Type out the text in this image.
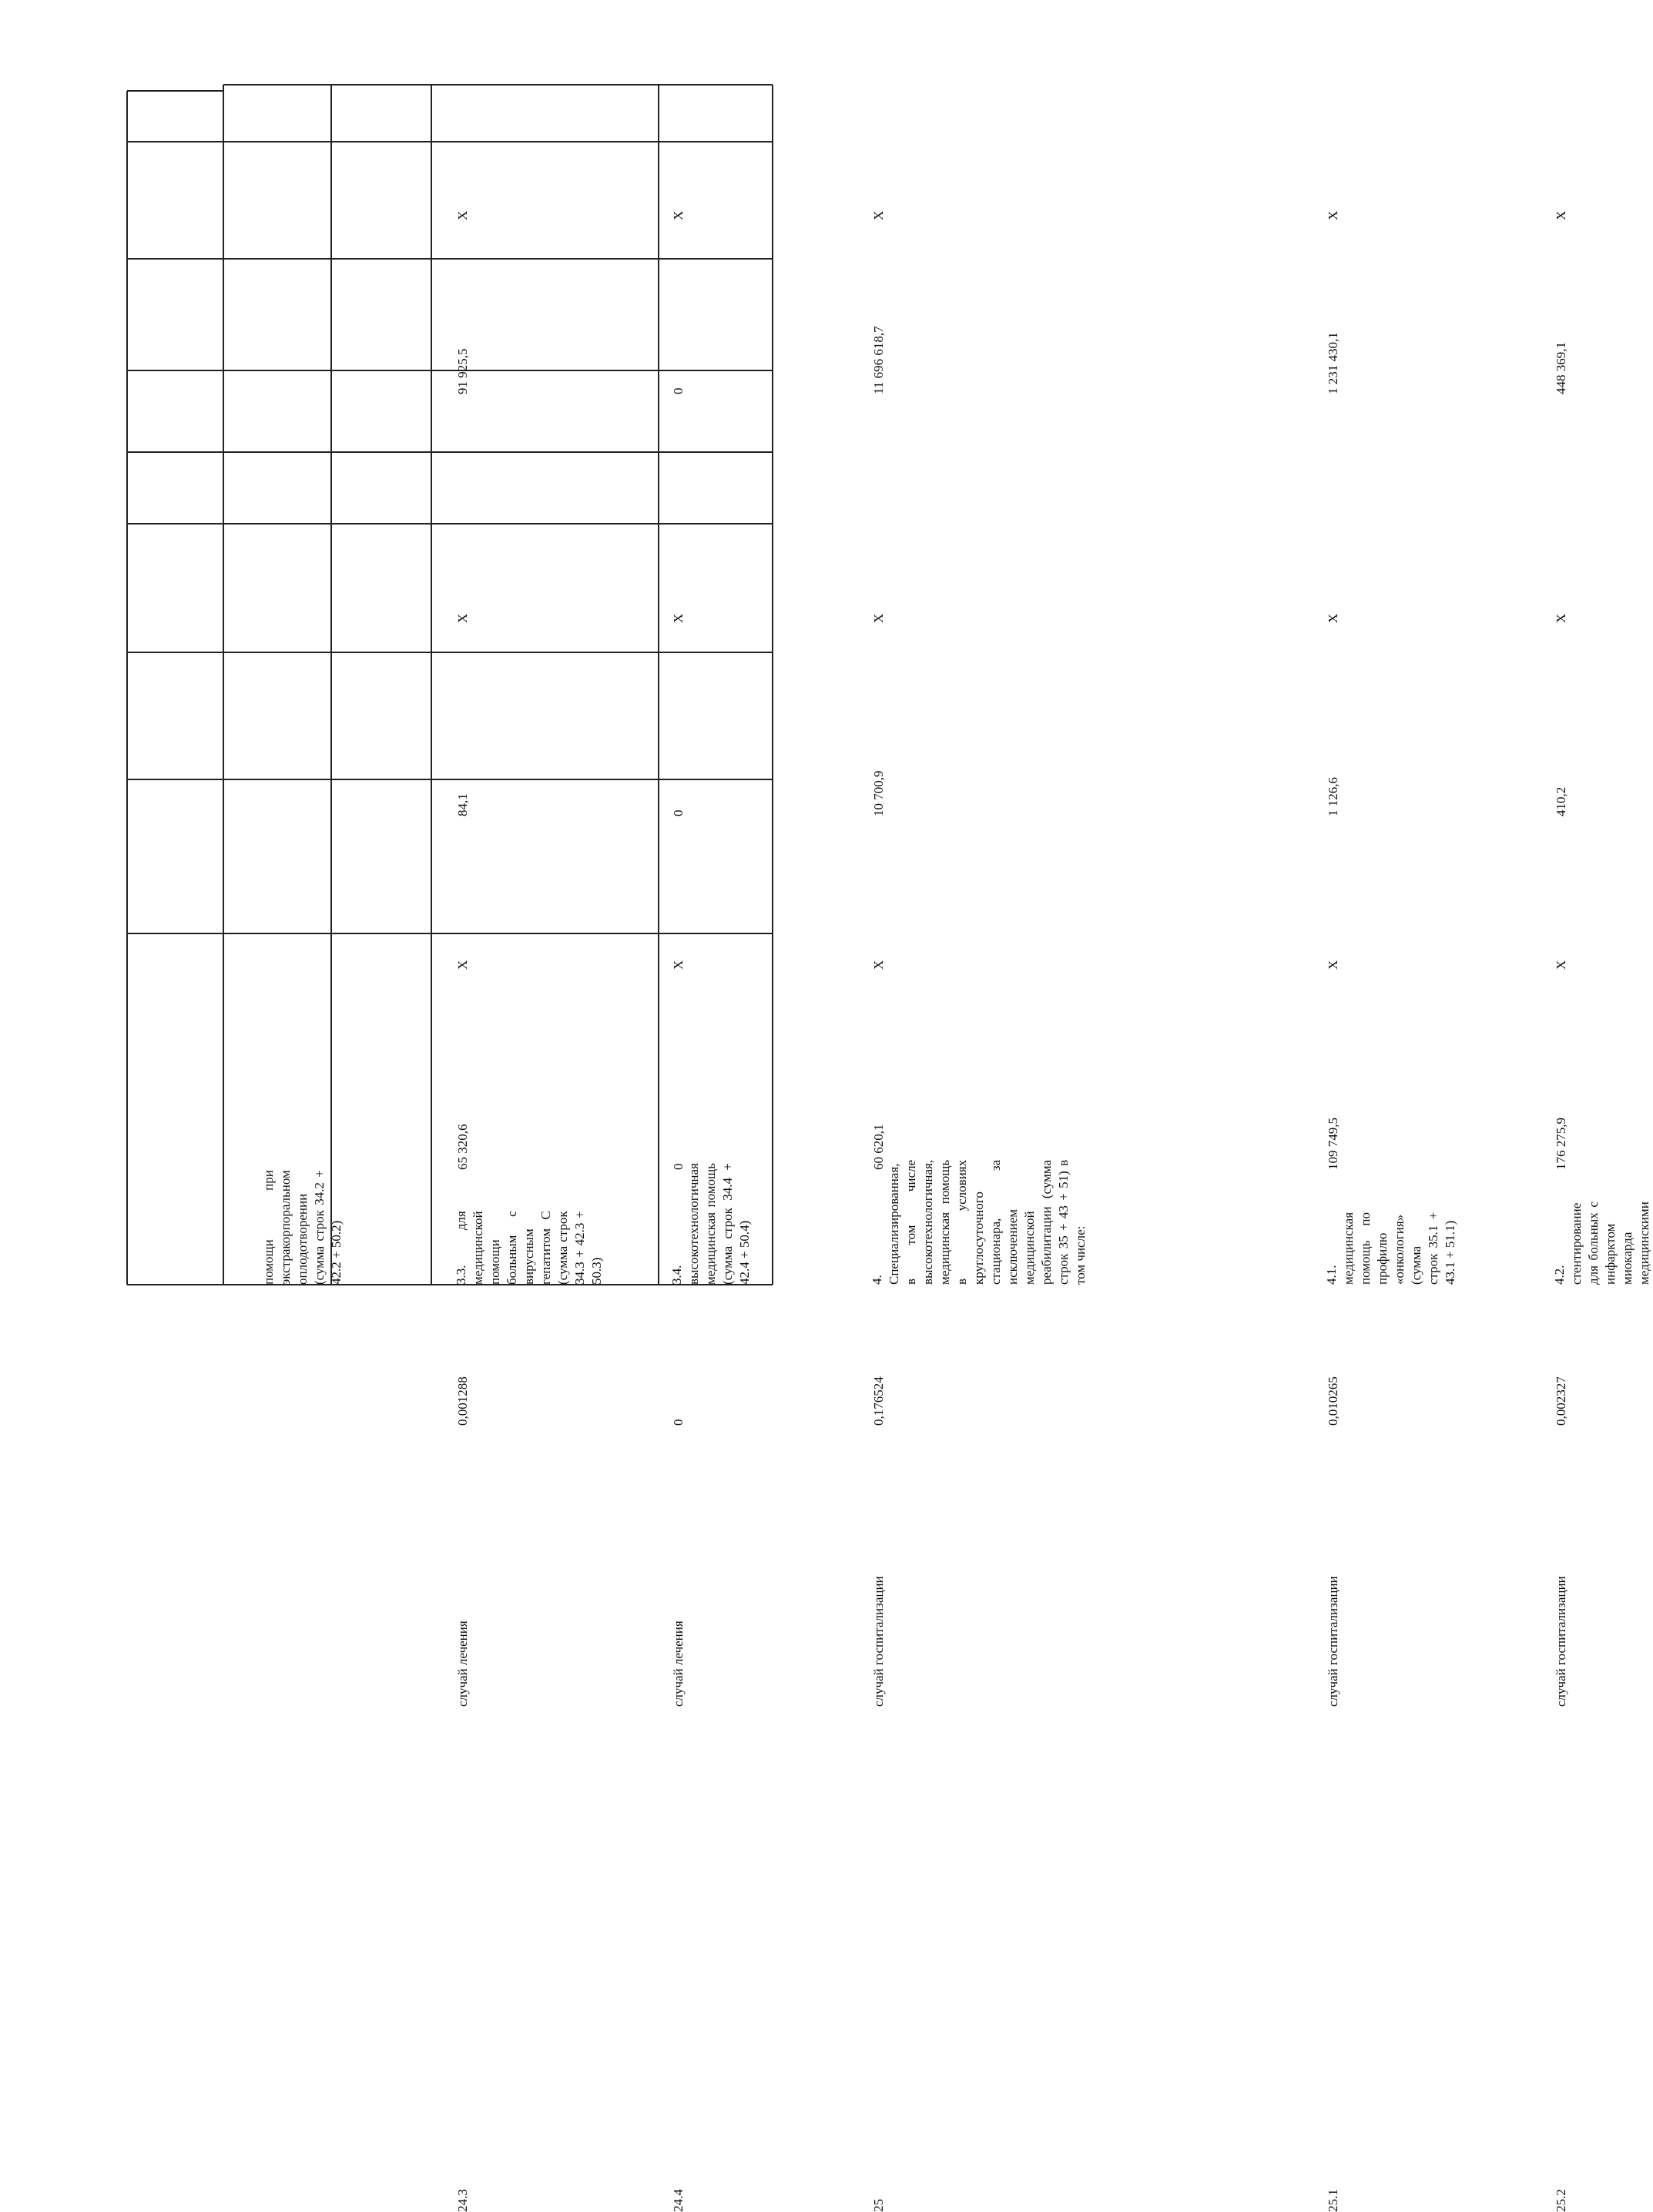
помощи при экстракорпоральном оплодотворении (сумма строк 34.2 + 42.2 + 50.2)
X
91 925,5
X
84,1
X
65 320,6
0,001288
случай лечения
24.3
3.3. для медицинской помощи больным с вирусным гепатитом С (сумма строк 34.3 + 42.3 + 50.3)
X
0
X
0
X
0
0
случай лечения
24.4
3.4. высокотехнологичная медицинская помощь (сумма строк 34.4 + 42.4 + 50.4)
X
11 696 618,7
X
10 700,9
X
60 620,1
0,176524
случай госпитализации
25
4. Специализированная, в том числе высокотехнологичная, медицинская помощь в условиях круглосуточного стационара, за исключением медицинской реабилитации (сумма строк 35 + 43 + 51) в том числе:
X
1 231 430,1
X
1 126,6
X
109 749,5
0,010265
случай госпитализации
25.1
4.1. медицинская помощь по профилю «онкология» (сумма строк 35.1 + 43.1 + 51.1)
X
448 369,1
X
410,2
X
176 275,9
0,002327
случай госпитализации
25.2
4.2. стентирование для больных с инфарктом миокарда медицинскими
